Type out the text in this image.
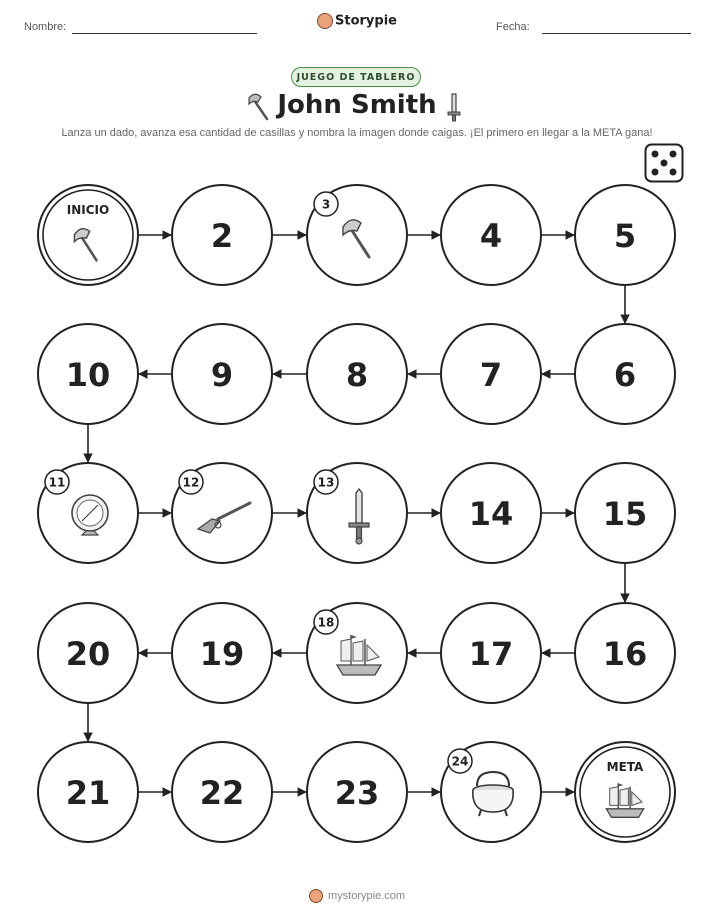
Nombre:	Storypie	Fecha:
JUEGO DE TABLERO
John Smith
Lanza un dado, avanza esa cantidad de casillas y nombra la imagen donde caigas. ¡El primero en llegar a la META gana!
INICIO
2
3
4	5
6
7
8
9
10
11	12	13
14	15
16
17
18
19
20
21	22	23
24	META
mystorypie.com
